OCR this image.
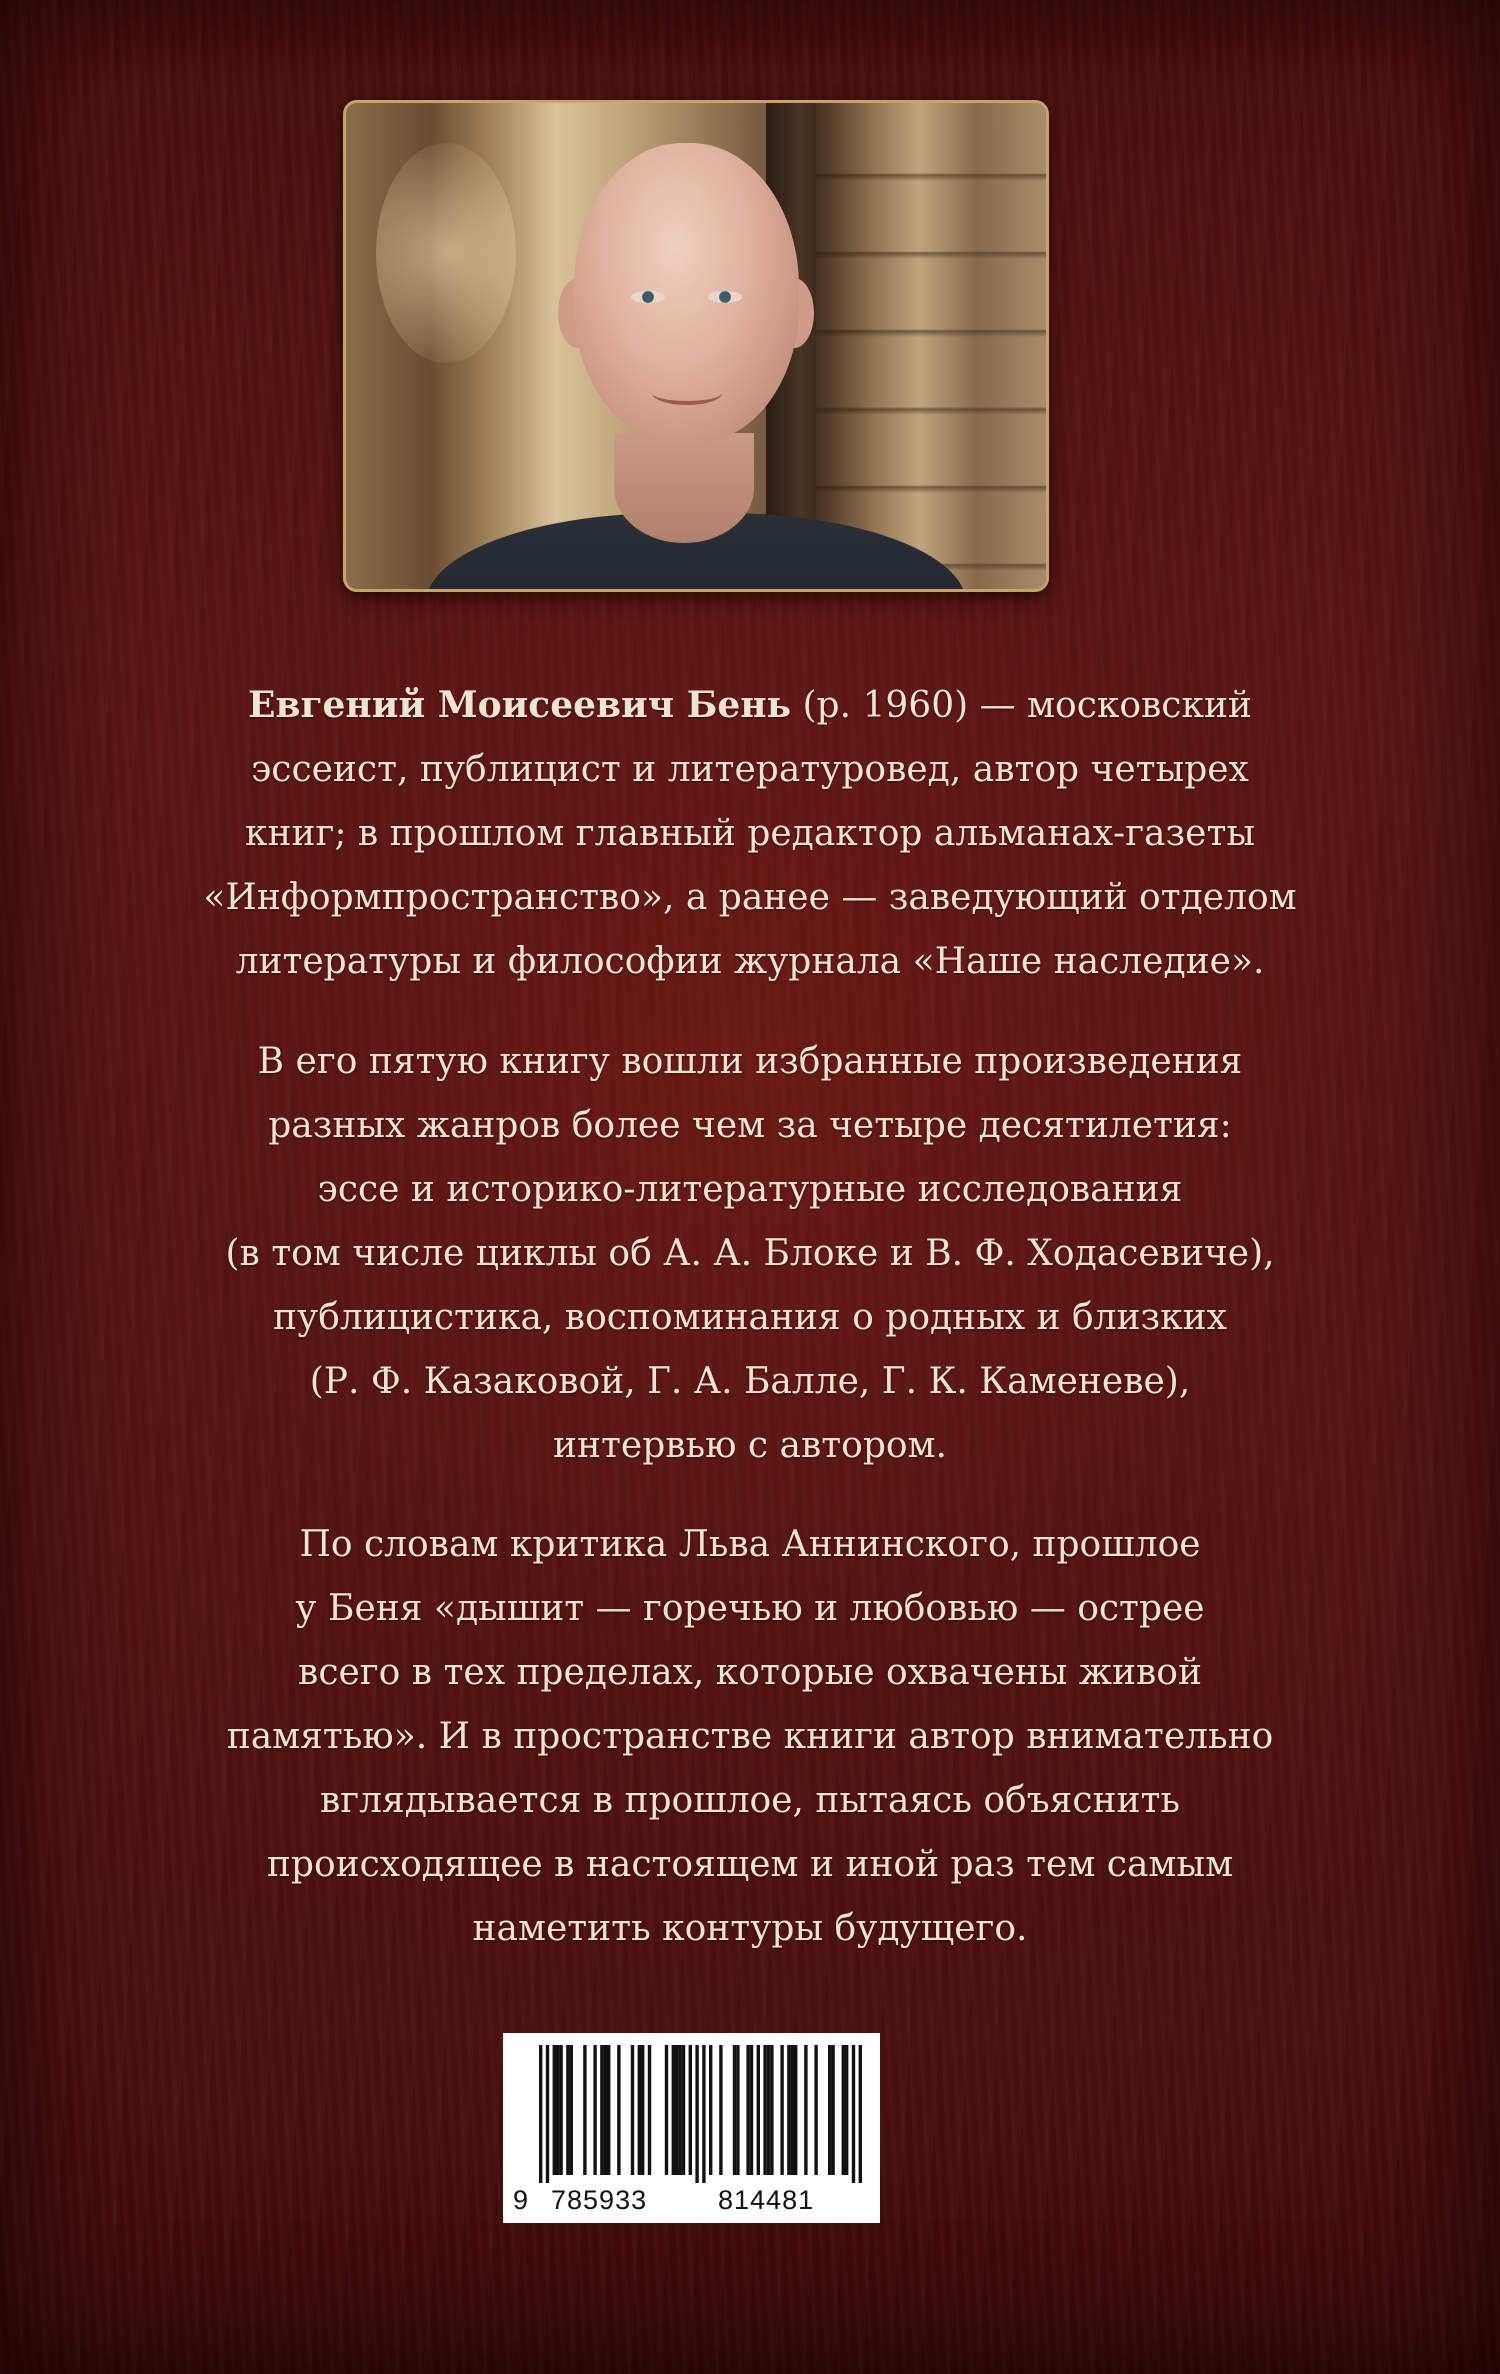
Евгений Моисеевич Бень (р. 1960) — московский
эссеист, публицист и литературовед, автор четырех
книг; в прошлом главный редактор альманах-газеты
«Информпространство», а ранее — заведующий отделом
литературы и философии журнала «Наше наследие».

В его пятую книгу вошли избранные произведения
разных жанров более чем за четыре десятилетия:
эссе и историко-литературные исследования
(в том числе циклы об А. А. Блоке и В. Ф. Ходасевиче),
публицистика, воспоминания о родных и близких
(Р. Ф. Казаковой, Г. А. Балле, Г. К. Каменеве),
интервью с автором.

По словам критика Льва Аннинского, прошлое
у Беня «дышит — горечью и любовью — острее
всего в тех пределах, которые охвачены живой
памятью». И в пространстве книги автор внимательно
вглядывается в прошлое, пытаясь объяснить
происходящее в настоящем и иной раз тем самым
наметить контуры будущего.

9 785933	814481
